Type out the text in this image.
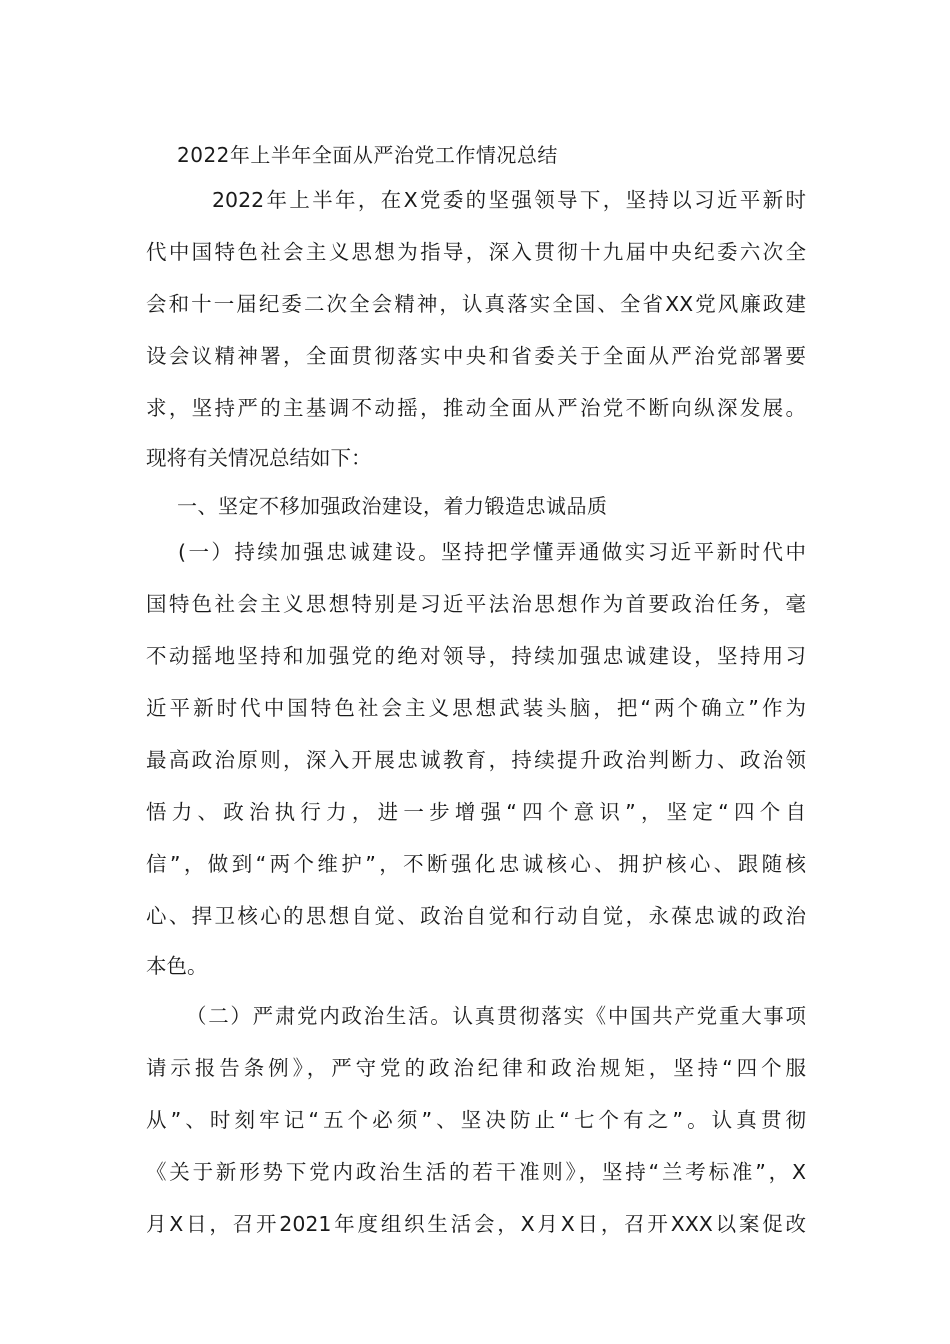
2022年上半年全面从严治党工作情况总结
2022年上半年，在X党委的坚强领导下，坚持以习近平新时
代中国特色社会主义思想为指导，深入贯彻十九届中央纪委六次全
会和十一届纪委二次全会精神，认真落实全国、全省XX党风廉政建
设会议精神署，全面贯彻落实中央和省委关于全面从严治党部署要
求，坚持严的主基调不动摇，推动全面从严治党不断向纵深发展。
现将有关情况总结如下：
一、坚定不移加强政治建设，着力锻造忠诚品质
(一）持续加强忠诚建设。坚持把学懂弄通做实习近平新时代中
国特色社会主义思想特别是习近平法治思想作为首要政治任务，毫
不动摇地坚持和加强党的绝对领导，持续加强忠诚建设，坚持用习
近平新时代中国特色社会主义思想武装头脑，把“两个确立”作为
最高政治原则，深入开展忠诚教育，持续提升政治判断力、政治领
悟力、政治执行力，进一步增强“四个意识”，坚定“四个自
信”，做到“两个维护”，不断强化忠诚核心、拥护核心、跟随核
心、捍卫核心的思想自觉、政治自觉和行动自觉，永葆忠诚的政治
本色。
（二）严肃党内政治生活。认真贯彻落实《中国共产党重大事项
请示报告条例》，严守党的政治纪律和政治规矩，坚持“四个服
从”、时刻牢记“五个必须”、坚决防止“七个有之”。认真贯彻
《关于新形势下党内政治生活的若干准则》，坚持“兰考标准”，X
月X日，召开2021年度组织生活会，X月X日，召开XXX以案促改
